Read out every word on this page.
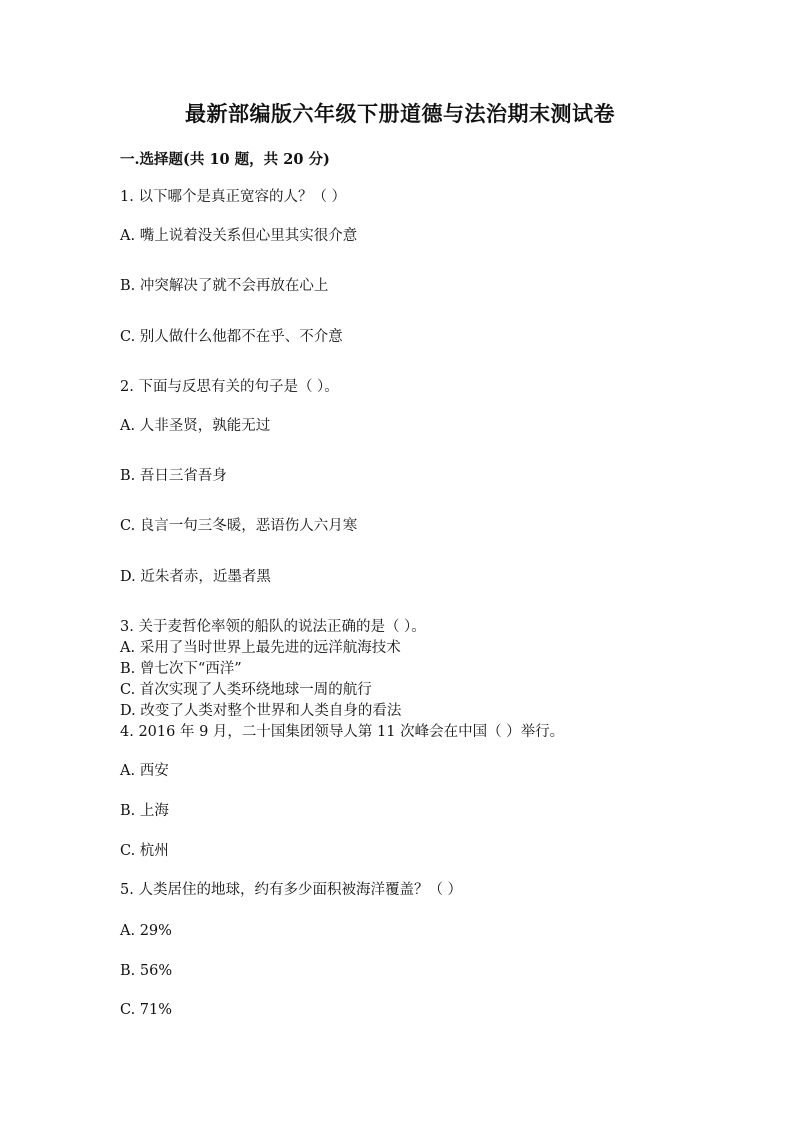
最新部编版六年级下册道德与法治期末测试卷
一.选择题(共 10 题，共 20 分)
1. 以下哪个是真正宽容的人？（ ）
A. 嘴上说着没关系但心里其实很介意
B. 冲突解决了就不会再放在心上
C. 别人做什么他都不在乎、不介意
2. 下面与反思有关的句子是（ ）。
A. 人非圣贤，孰能无过
B. 吾日三省吾身
C. 良言一句三冬暖，恶语伤人六月寒
D. 近朱者赤，近墨者黑
3. 关于麦哲伦率领的船队的说法正确的是（ ）。
A. 采用了当时世界上最先进的远洋航海技术
B. 曾七次下“西洋”
C. 首次实现了人类环绕地球一周的航行
D. 改变了人类对整个世界和人类自身的看法
4. 2016 年 9 月，二十国集团领导人第 11 次峰会在中国（ ）举行。
A. 西安
B. 上海
C. 杭州
5. 人类居住的地球，约有多少面积被海洋覆盖？（ ）
A. 29%
B. 56%
C. 71%
